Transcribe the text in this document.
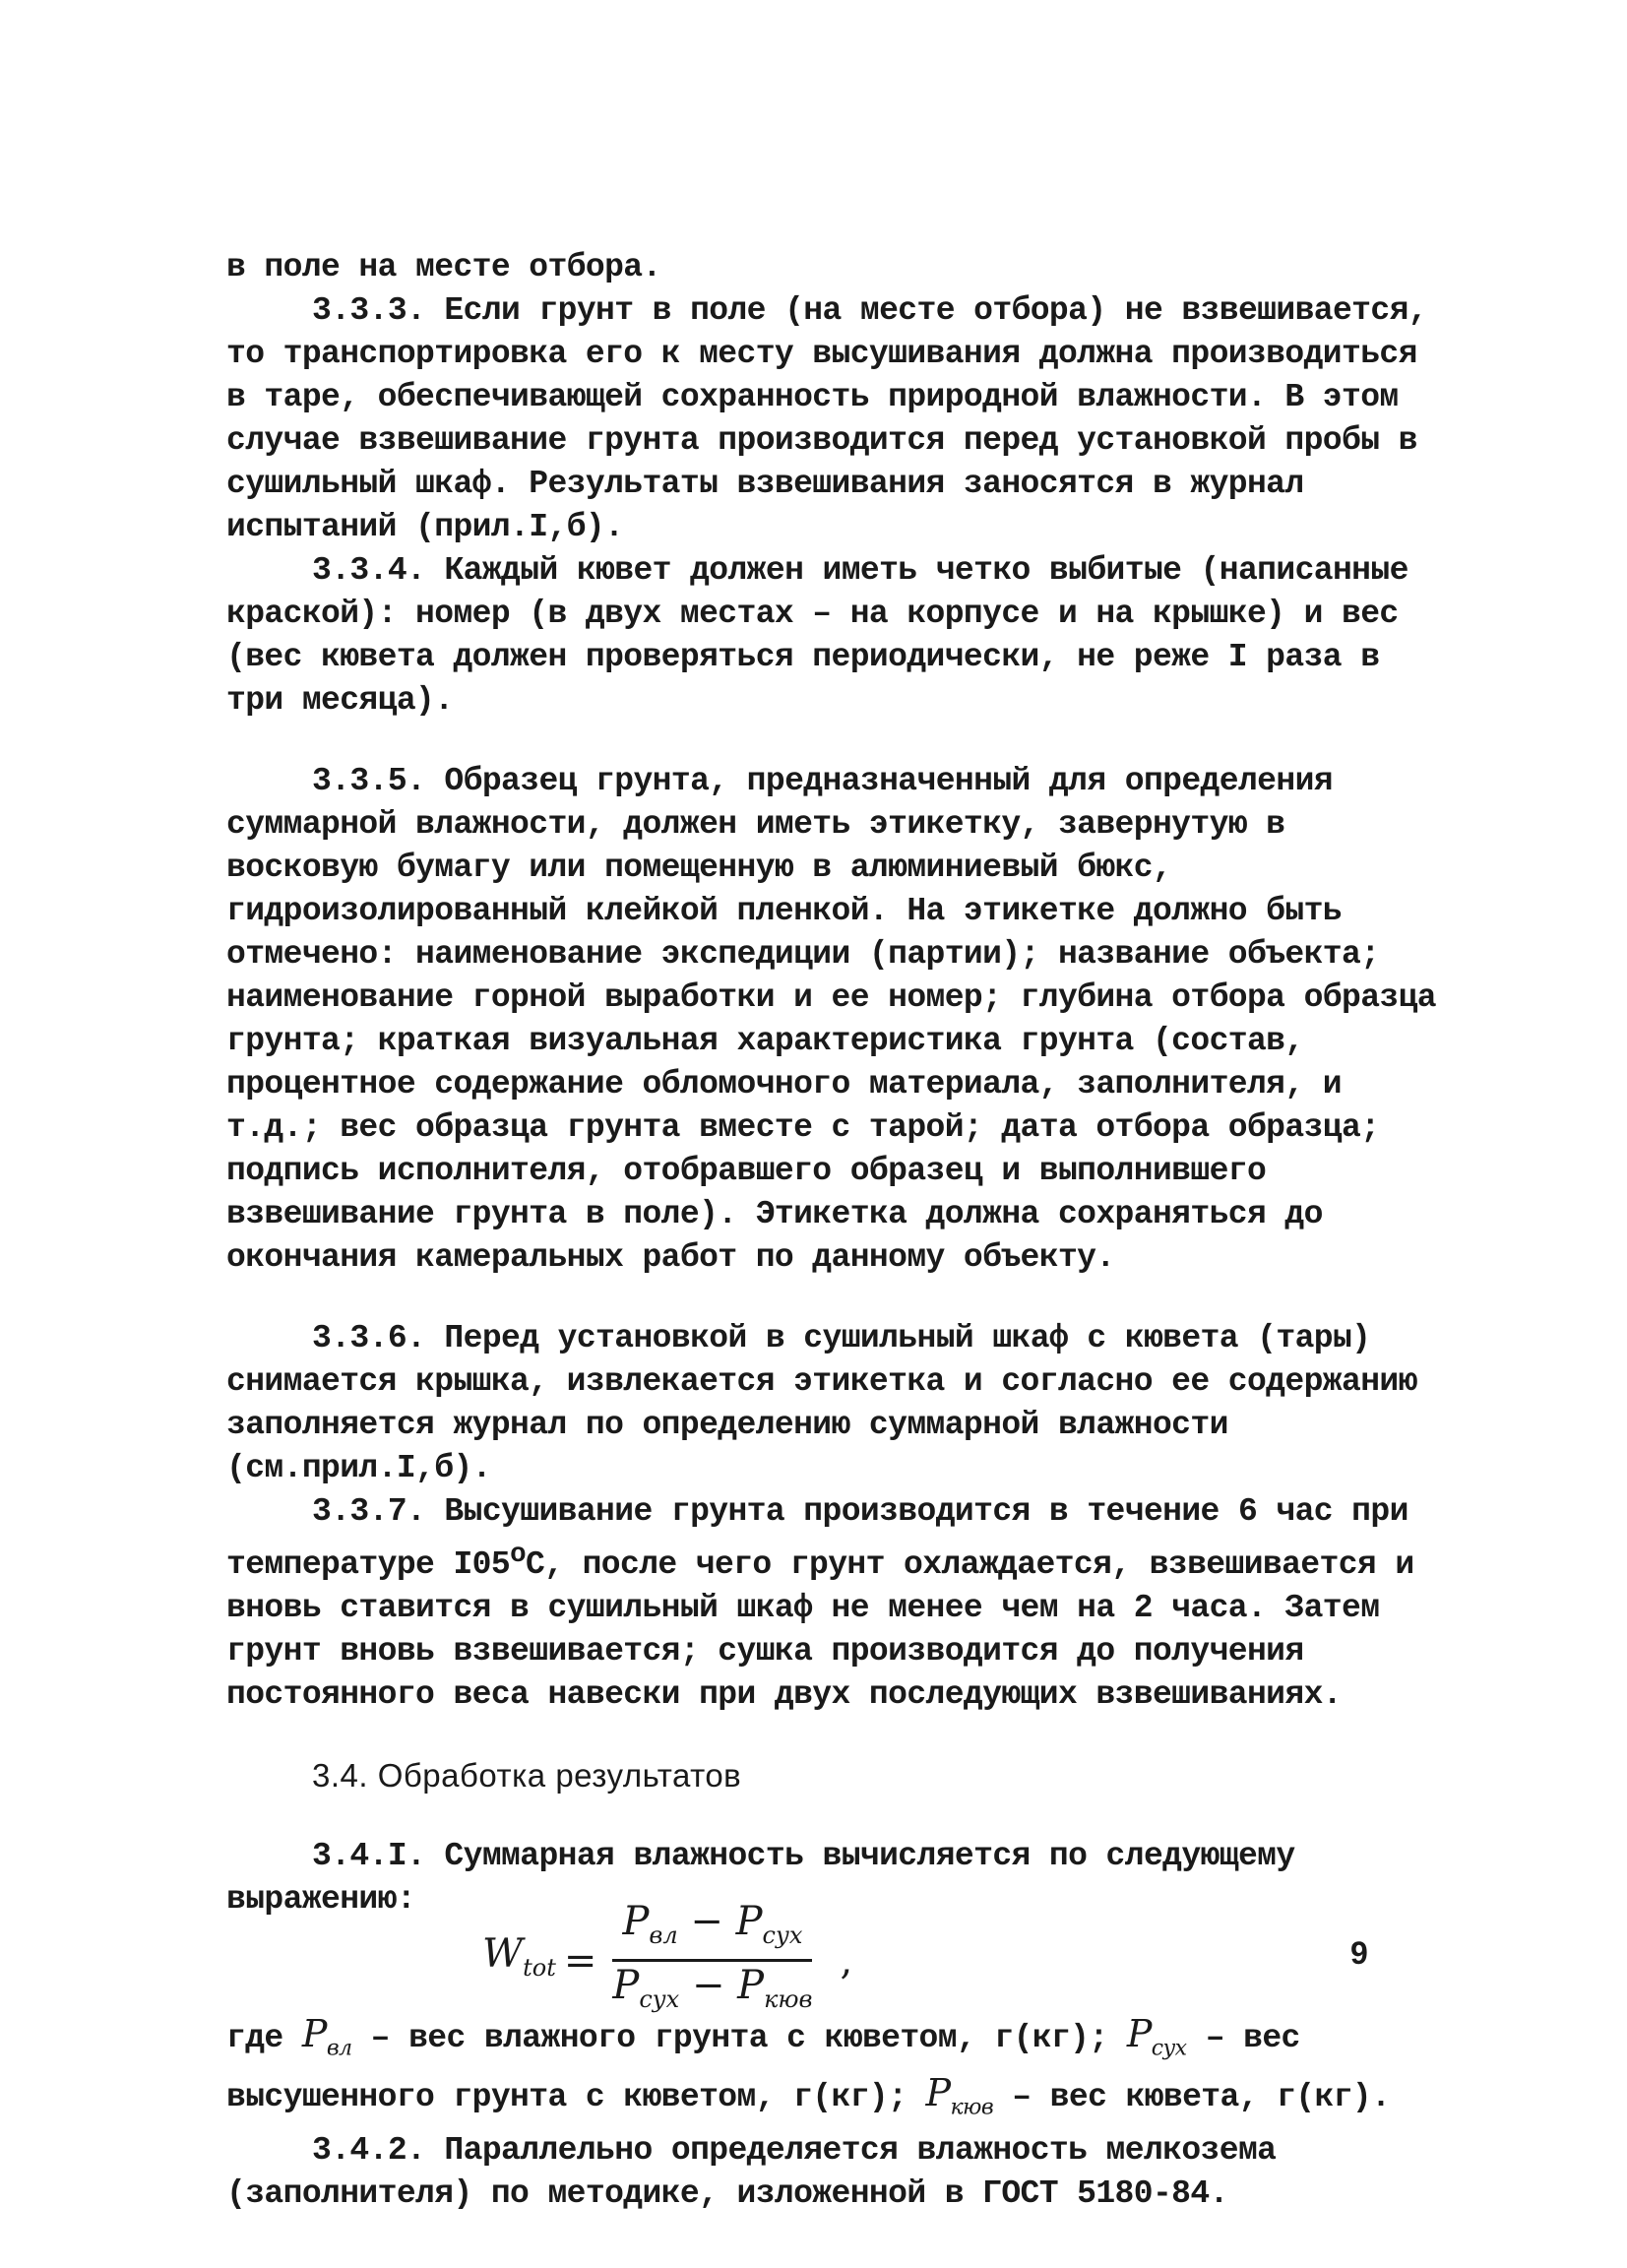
в поле на месте отбора.

3.3.3. Если грунт в поле (на месте отбора) не взвешивается, то транспортировка его к месту высушивания должна производиться в таре, обеспечивающей сохранность природной влажности. В этом случае взвешивание грунта производится перед установкой пробы в сушильный шкаф. Результаты взвешивания заносятся в журнал испытаний (прил.I,б).

3.3.4. Каждый кювет должен иметь четко выбитые (написанные краской): номер (в двух местах – на корпусе и на крышке) и вес (вес кювета должен проверяться периодически, не реже I раза в три месяца).

3.3.5. Образец грунта, предназначенный для определения суммарной влажности, должен иметь этикетку, завернутую в восковую бумагу или помещенную в алюминиевый бюкс, гидроизолированный клейкой пленкой. На этикетке должно быть отмечено: наименование экспедиции (партии); название объекта; наименование горной выработки и ее номер; глубина отбора образца грунта; краткая визуальная характеристика грунта (состав, процентное содержание обломочного материала, заполнителя, и т.д.; вес образца грунта вместе с тарой; дата отбора образца; подпись исполнителя, отобравшего образец и выполнившего взвешивание грунта в поле). Этикетка должна сохраняться до окончания камеральных работ по данному объекту.

3.3.6. Перед установкой в сушильный шкаф с кювета (тары) снимается крышка, извлекается этикетка и согласно ее содержанию заполняется журнал по определению суммарной влажности (см.прил.I,б).

3.3.7. Высушивание грунта производится в течение 6 час при температуре I05$^o$С, после чего грунт охлаждается, взвешивается и вновь ставится в сушильный шкаф не менее чем на 2 часа. Затем грунт вновь взвешивается; сушка производится до получения постоянного веса навески при двух последующих взвешиваниях.

3.4. Обработка результатов

3.4.I. Суммарная влажность вычисляется по следующему выражению:

$W_{tot} = \frac{P_{вл} - P_{сух}}{P_{сух} - P_{кюв}}$ ,

где $P_{вл}$ – вес влажного грунта с кюветом, г(кг); $P_{сух}$ – вес высушенного грунта с кюветом, г(кг); $P_{кюв}$ – вес кювета, г(кг).

3.4.2. Параллельно определяется влажность мелкозема (заполнителя) по методике, изложенной в ГОСТ 5180-84.

9
